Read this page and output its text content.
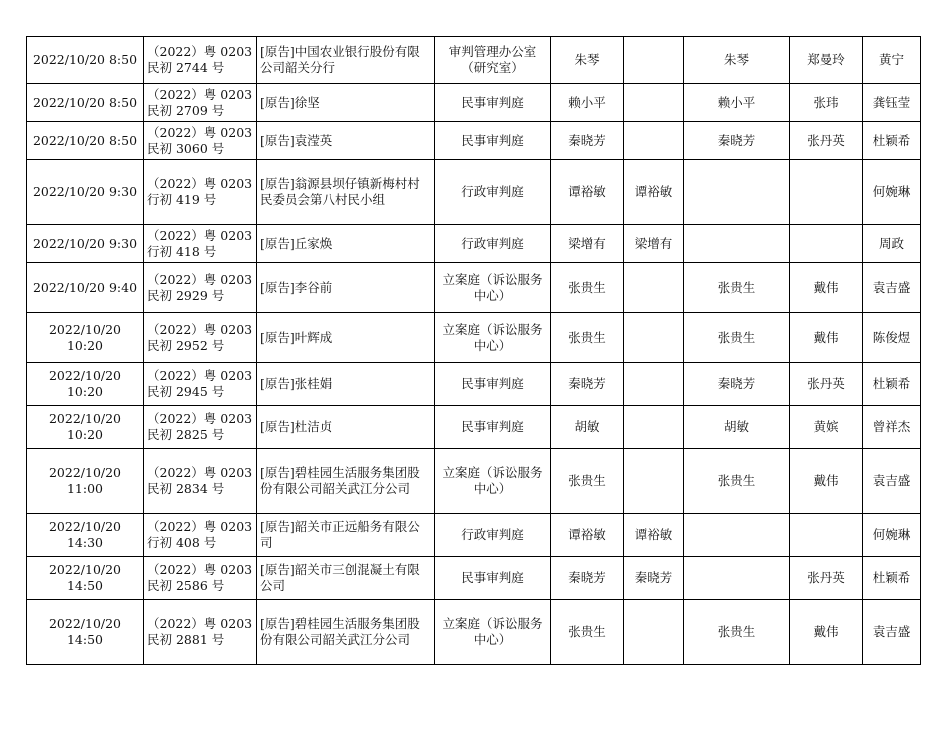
2022/10/20 8:50	（2022）粤 0203 民初 2744 号	[原告]中国农业银行股份有限公司韶关分行	审判管理办公室（研究室）	朱琴		朱琴	郑曼玲	黄宁
2022/10/20 8:50	（2022）粤 0203 民初 2709 号	[原告]徐坚	民事审判庭	赖小平		赖小平	张玮	龚钰莹
2022/10/20 8:50	（2022）粤 0203 民初 3060 号	[原告]袁滢英	民事审判庭	秦晓芳		秦晓芳	张丹英	杜颖希
2022/10/20 9:30	（2022）粤 0203 行初 419 号	[原告]翁源县坝仔镇新梅村村民委员会第八村民小组	行政审判庭	谭裕敏	谭裕敏			何婉琳
2022/10/20 9:30	（2022）粤 0203 行初 418 号	[原告]丘家焕	行政审判庭	梁增有	梁增有			周政
2022/10/20 9:40	（2022）粤 0203 民初 2929 号	[原告]李谷前	立案庭（诉讼服务中心）	张贵生		张贵生	戴伟	袁吉盛
2022/10/20 10:20	（2022）粤 0203 民初 2952 号	[原告]叶辉成	立案庭（诉讼服务中心）	张贵生		张贵生	戴伟	陈俊煜
2022/10/20 10:20	（2022）粤 0203 民初 2945 号	[原告]张桂娟	民事审判庭	秦晓芳		秦晓芳	张丹英	杜颖希
2022/10/20 10:20	（2022）粤 0203 民初 2825 号	[原告]杜洁贞	民事审判庭	胡敏		胡敏	黄嫔	曾祥杰
2022/10/20 11:00	（2022）粤 0203 民初 2834 号	[原告]碧桂园生活服务集团股份有限公司韶关武江分公司	立案庭（诉讼服务中心）	张贵生		张贵生	戴伟	袁吉盛
2022/10/20 14:30	（2022）粤 0203 行初 408 号	[原告]韶关市正远船务有限公司	行政审判庭	谭裕敏	谭裕敏			何婉琳
2022/10/20 14:50	（2022）粤 0203 民初 2586 号	[原告]韶关市三创混凝土有限公司	民事审判庭	秦晓芳	秦晓芳		张丹英	杜颖希
2022/10/20 14:50	（2022）粤 0203 民初 2881 号	[原告]碧桂园生活服务集团股份有限公司韶关武江分公司	立案庭（诉讼服务中心）	张贵生		张贵生	戴伟	袁吉盛
